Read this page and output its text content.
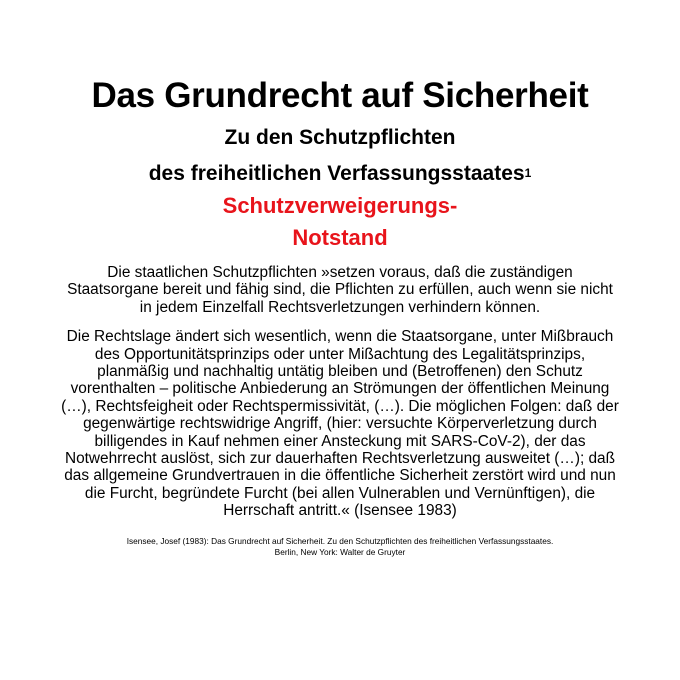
Das Grundrecht auf Sicherheit
Zu den Schutzpflichten
des freiheitlichen Verfassungsstaates$^1$
Schutzverweigerungs-
Notstand

Die staatlichen Schutzpflichten »setzen voraus, daß die zuständigen Staatsorgane bereit und fähig sind, die Pflichten zu erfüllen, auch wenn sie nicht in jedem Einzelfall Rechtsverletzungen verhindern können.

Die Rechtslage ändert sich wesentlich, wenn die Staatsorgane, unter Mißbrauch des Opportunitätsprinzips oder unter Mißachtung des Legalitätsprinzips, planmäßig und nachhaltig untätig bleiben und (Betroffenen) den Schutz vorenthalten – politische Anbiederung an Strömungen der öffentlichen Meinung (…), Rechtsfeigheit oder Rechtspermissivität, (…). Die möglichen Folgen: daß der gegenwärtige rechtswidrige Angriff, (hier: versuchte Körperverletzung durch billigendes in Kauf nehmen einer Ansteckung mit SARS-CoV-2), der das Notwehrrecht auslöst, sich zur dauerhaften Rechtsverletzung ausweitet (…); daß das allgemeine Grundvertrauen in die öffentliche Sicherheit zerstört wird und nun die Furcht, begründete Furcht (bei allen Vulnerablen und Vernünftigen), die Herrschaft antritt.« (Isensee 1983)

Isensee, Josef (1983): Das Grundrecht auf Sicherheit. Zu den Schutzpflichten des freiheitlichen Verfassungsstaates.
Berlin, New York: Walter de Gruyter
